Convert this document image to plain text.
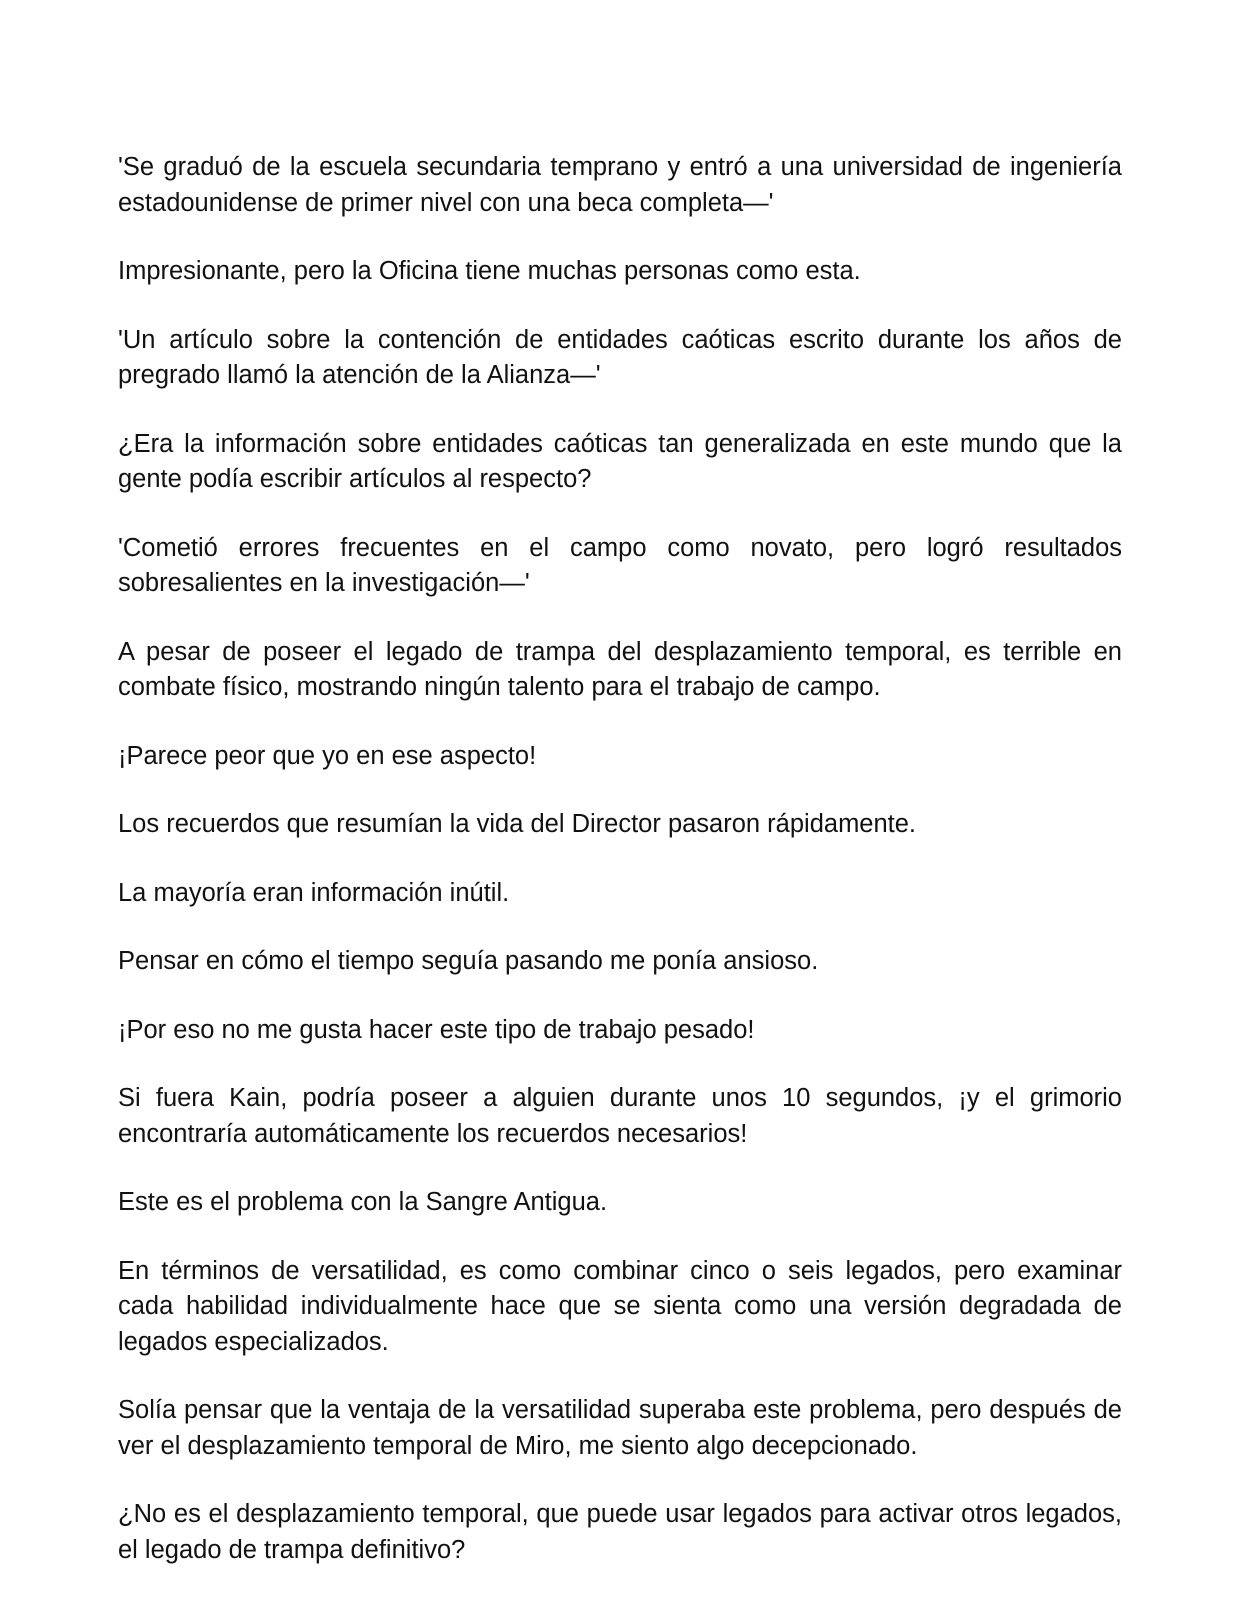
'Se graduó de la escuela secundaria temprano y entró a una universidad de ingeniería estadounidense de primer nivel con una beca completa—'

Impresionante, pero la Oficina tiene muchas personas como esta.

'Un artículo sobre la contención de entidades caóticas escrito durante los años de pregrado llamó la atención de la Alianza—'

¿Era la información sobre entidades caóticas tan generalizada en este mundo que la gente podía escribir artículos al respecto?

'Cometió errores frecuentes en el campo como novato, pero logró resultados sobresalientes en la investigación—'

A pesar de poseer el legado de trampa del desplazamiento temporal, es terrible en combate físico, mostrando ningún talento para el trabajo de campo.

¡Parece peor que yo en ese aspecto!

Los recuerdos que resumían la vida del Director pasaron rápidamente.

La mayoría eran información inútil.

Pensar en cómo el tiempo seguía pasando me ponía ansioso.

¡Por eso no me gusta hacer este tipo de trabajo pesado!

Si fuera Kain, podría poseer a alguien durante unos 10 segundos, ¡y el grimorio encontraría automáticamente los recuerdos necesarios!

Este es el problema con la Sangre Antigua.

En términos de versatilidad, es como combinar cinco o seis legados, pero examinar cada habilidad individualmente hace que se sienta como una versión degradada de legados especializados.

Solía pensar que la ventaja de la versatilidad superaba este problema, pero después de ver el desplazamiento temporal de Miro, me siento algo decepcionado.

¿No es el desplazamiento temporal, que puede usar legados para activar otros legados, el legado de trampa definitivo?
